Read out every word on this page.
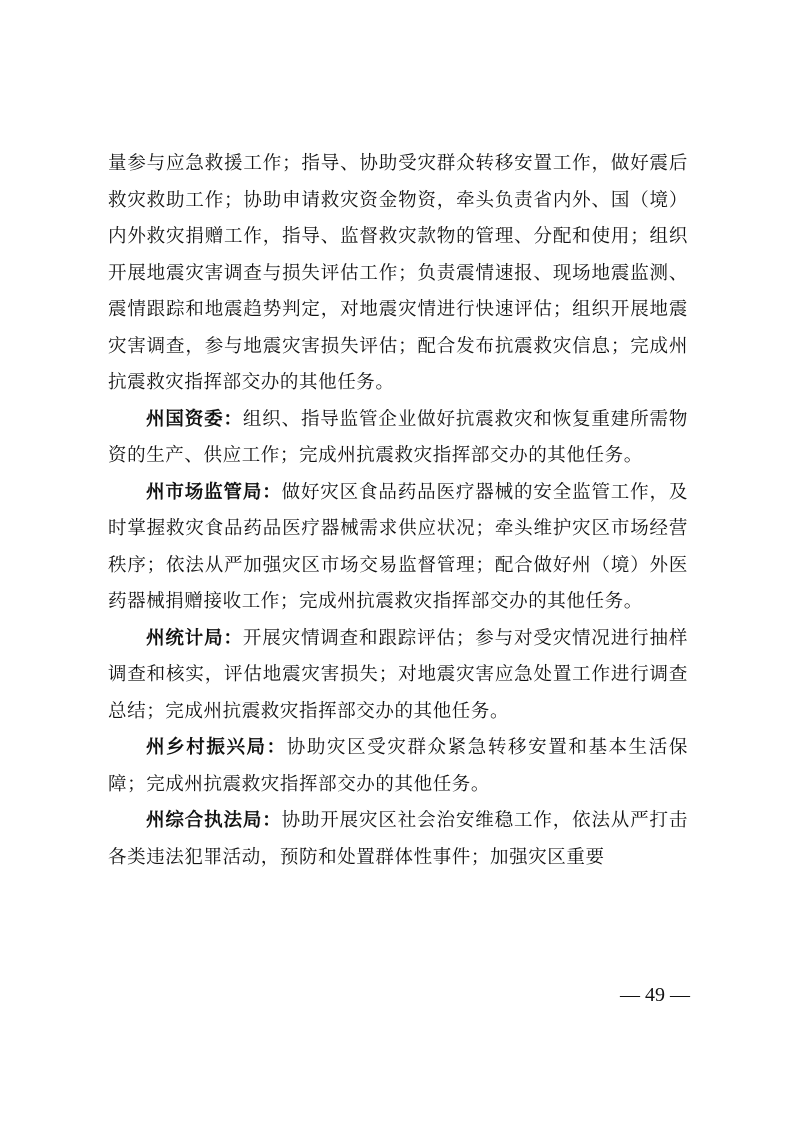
量参与应急救援工作；指导、协助受灾群众转移安置工作，做好震后救灾救助工作；协助申请救灾资金物资，牵头负责省内外、国（境）内外救灾捐赠工作，指导、监督救灾款物的管理、分配和使用；组织开展地震灾害调查与损失评估工作；负责震情速报、现场地震监测、震情跟踪和地震趋势判定，对地震灾情进行快速评估；组织开展地震灾害调查，参与地震灾害损失评估；配合发布抗震救灾信息；完成州抗震救灾指挥部交办的其他任务。

州国资委：组织、指导监管企业做好抗震救灾和恢复重建所需物资的生产、供应工作；完成州抗震救灾指挥部交办的其他任务。

州市场监管局：做好灾区食品药品医疗器械的安全监管工作，及时掌握救灾食品药品医疗器械需求供应状况；牵头维护灾区市场经营秩序；依法从严加强灾区市场交易监督管理；配合做好州（境）外医药器械捐赠接收工作；完成州抗震救灾指挥部交办的其他任务。

州统计局：开展灾情调查和跟踪评估；参与对受灾情况进行抽样调查和核实，评估地震灾害损失；对地震灾害应急处置工作进行调查总结；完成州抗震救灾指挥部交办的其他任务。

州乡村振兴局：协助灾区受灾群众紧急转移安置和基本生活保障；完成州抗震救灾指挥部交办的其他任务。

州综合执法局：协助开展灾区社会治安维稳工作，依法从严打击各类违法犯罪活动，预防和处置群体性事件；加强灾区重要

— 49 —
